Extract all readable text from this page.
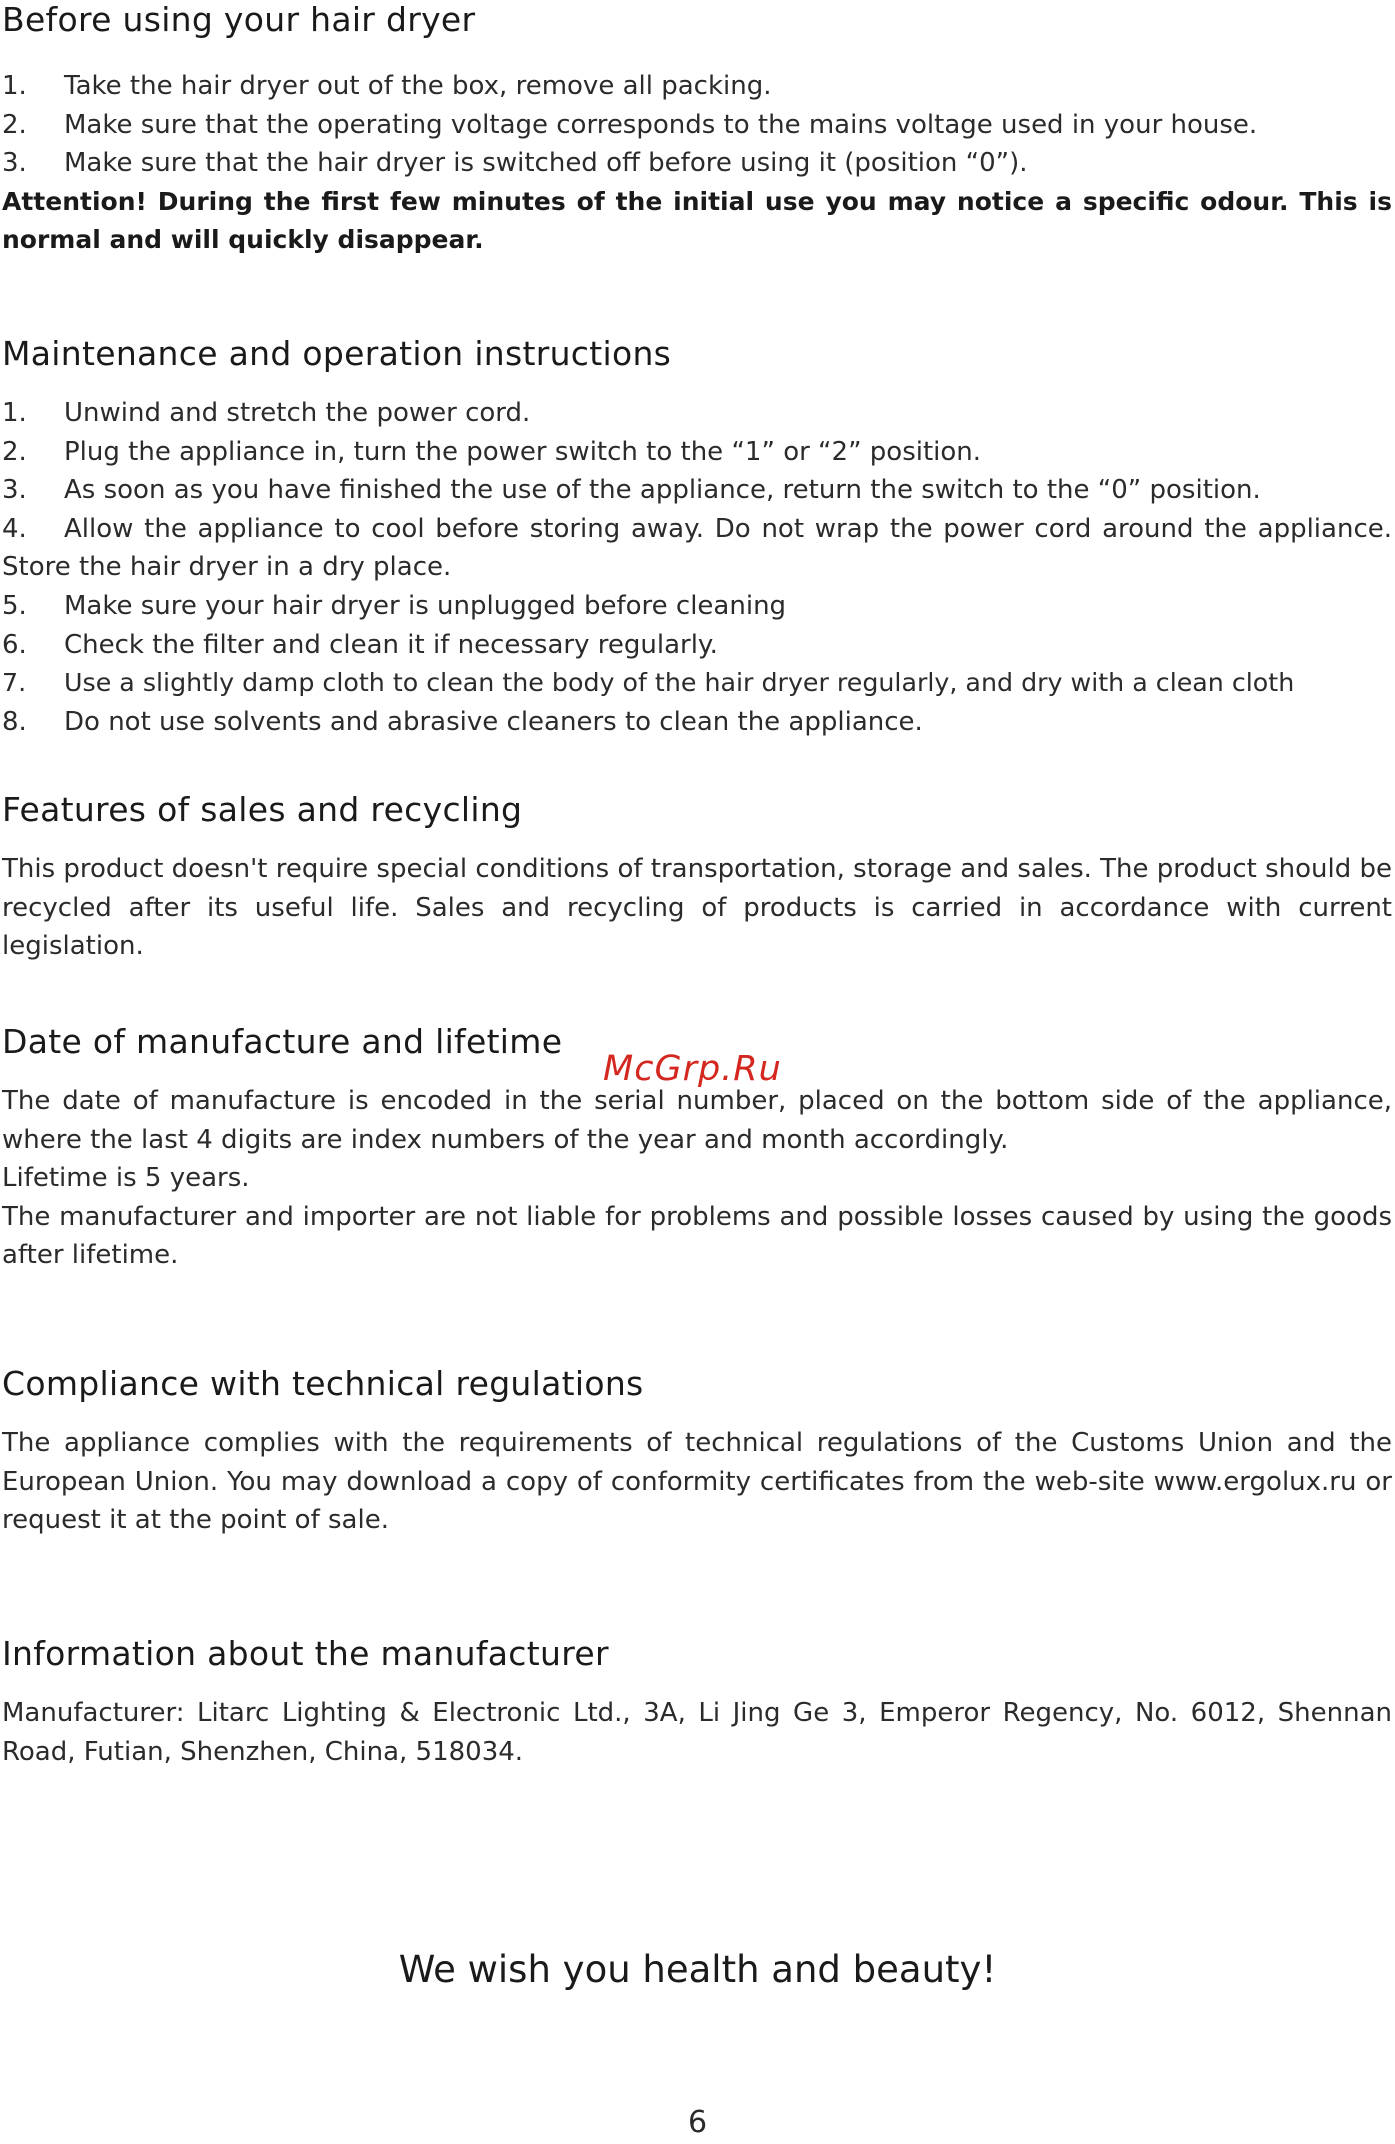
Before using your hair dryer
1. Take the hair dryer out of the box, remove all packing.
2. Make sure that the operating voltage corresponds to the mains voltage used in your house.
3. Make sure that the hair dryer is switched off before using it (position “0”).

Attention! During the first few minutes of the initial use you may notice a specific odour. This is normal and will quickly disappear.

Maintenance and operation instructions
1. Unwind and stretch the power cord.
2. Plug the appliance in, turn the power switch to the “1” or “2” position.
3. As soon as you have finished the use of the appliance, return the switch to the “0” position.
4. Allow the appliance to cool before storing away. Do not wrap the power cord around the appliance. Store the hair dryer in a dry place.
5. Make sure your hair dryer is unplugged before cleaning
6. Check the filter and clean it if necessary regularly.
7. Use a slightly damp cloth to clean the body of the hair dryer regularly, and dry with a clean cloth
8. Do not use solvents and abrasive cleaners to clean the appliance.
Features of sales and recycling

This product doesn't require special conditions of transportation, storage and sales. The product should be recycled after its useful life. Sales and recycling of products is carried in accordance with current legislation.

Date of manufacture and lifetime

The date of manufacture is encoded in the serial number, placed on the bottom side of the appliance, where the last 4 digits are index numbers of the year and month accordingly.

Lifetime is 5 years.

The manufacturer and importer are not liable for problems and possible losses caused by using the goods after lifetime.

McGrp.Ru
Compliance with technical regulations

The appliance complies with the requirements of technical regulations of the Customs Union and the European Union. You may download a copy of conformity certificates from the web-site www.ergolux.ru or request it at the point of sale.

Information about the manufacturer

Manufacturer: Litarc Lighting & Electronic Ltd., 3A, Li Jing Ge 3, Emperor Regency, No. 6012, Shennan Road, Futian, Shenzhen, China, 518034.

We wish you health and beauty!
6
